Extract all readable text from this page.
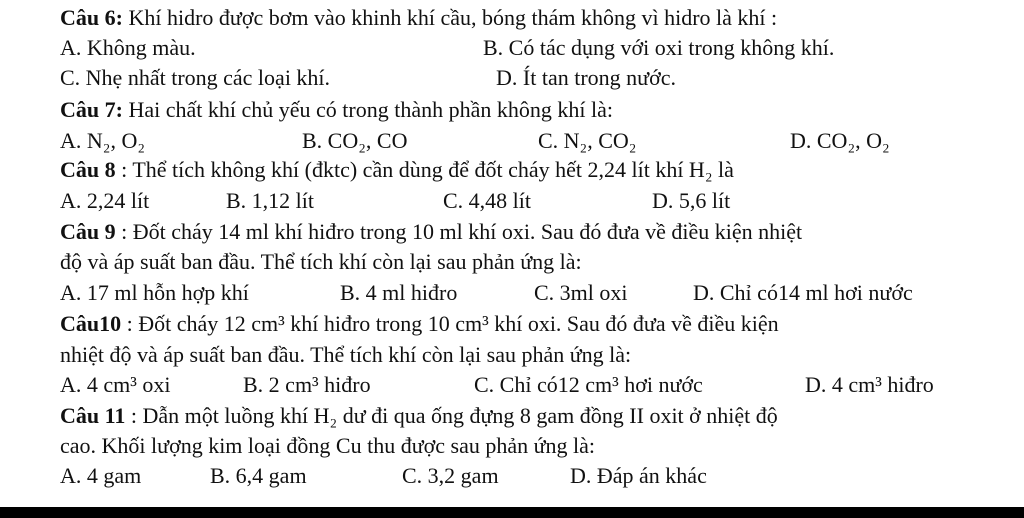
Câu 6: Khí hidro được bơm vào khinh khí cầu, bóng thám không vì hidro là khí :
A. Không màu.	B. Có tác dụng với oxi trong không khí.
C. Nhẹ nhất trong các loại khí.	D. Ít tan trong nước.
Câu 7: Hai chất khí chủ yếu có trong thành phần không khí là:
A. N₂, O₂	B. CO₂, CO	C. N₂, CO₂	D. CO₂, O₂
Câu 8 : Thể tích không khí (đktc) cần dùng để đốt cháy hết 2,24 lít khí H₂ là
A. 2,24 lít	B. 1,12 lít	C. 4,48 lít	D. 5,6 lít
Câu 9 : Đốt cháy 14 ml khí hiđro trong 10 ml khí oxi. Sau đó đưa về điều kiện nhiệt
độ và áp suất ban đầu. Thể tích khí còn lại sau phản ứng là:
A. 17 ml hỗn hợp khí	B. 4 ml hiđro	C. 3ml oxi	D. Chỉ có14 ml hơi nước
Câu10 : Đốt cháy 12 cm³ khí hiđro trong 10 cm³ khí oxi. Sau đó đưa về điều kiện
nhiệt độ và áp suất ban đầu. Thể tích khí còn lại sau phản ứng là:
A. 4 cm³ oxi	B. 2 cm³ hiđro	C. Chỉ có12 cm³ hơi nước	D. 4 cm³ hiđro
Câu 11 : Dẫn một luồng khí H₂ dư đi qua ống đựng 8 gam đồng II oxit ở nhiệt độ
cao. Khối lượng kim loại đồng Cu thu được sau phản ứng là:
A. 4 gam	B. 6,4 gam	C. 3,2 gam	D. Đáp án khác
